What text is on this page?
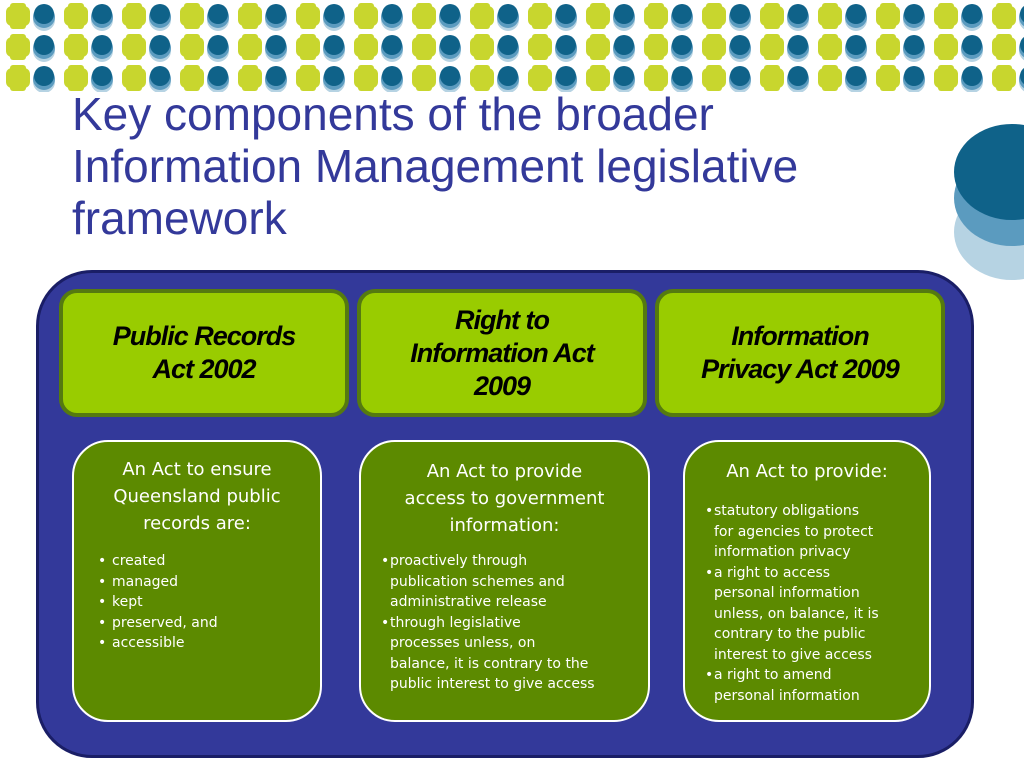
Key components of the broader Information Management legislative framework
Public Records
Act 2002

An Act to ensure
Queensland public
records are:

• created
• managed
• kept
• preserved, and
• accessible
Right to
Information Act
2009

An Act to provide
access to government
information:

• proactively through
publication schemes and
administrative release
• through legislative
processes unless, on
balance, it is contrary to the
public interest to give access
Information
Privacy Act 2009

An Act to provide:

• statutory obligations
for agencies to protect
information privacy
• a right to access
personal information
unless, on balance, it is
contrary to the public
interest to give access
• a right to amend
personal information
